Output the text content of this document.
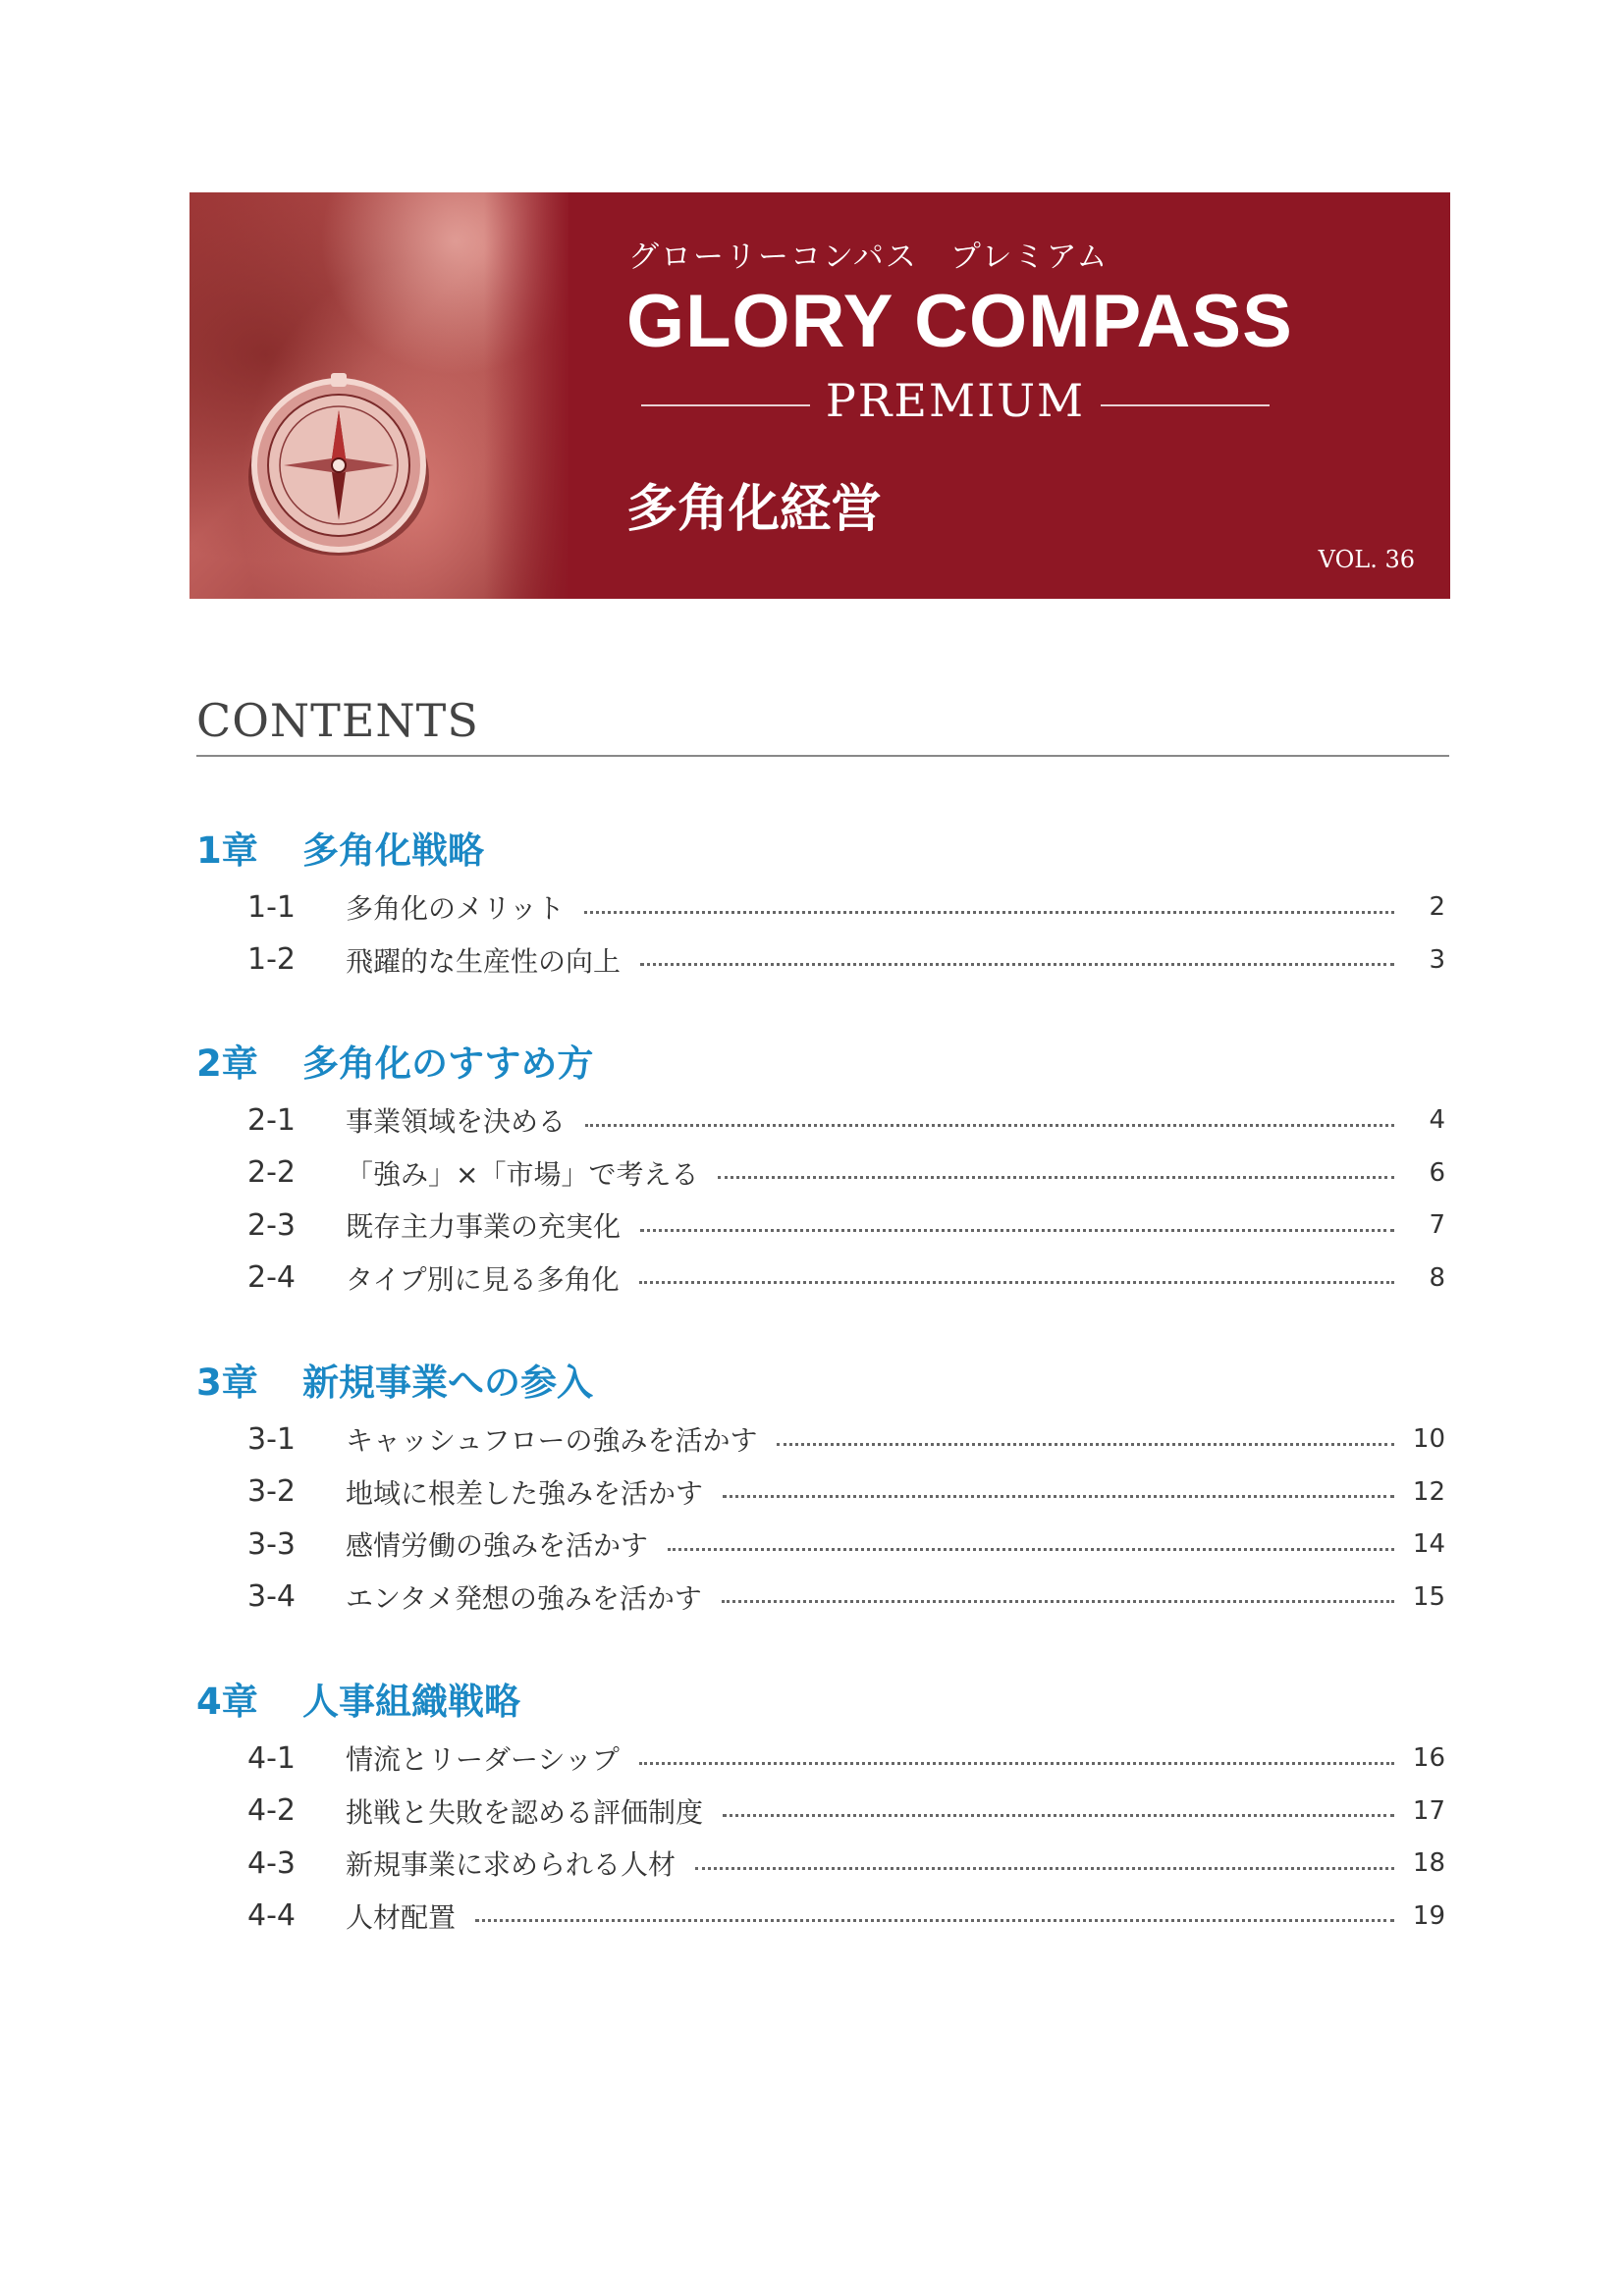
グローリーコンパス　プレミアム
GLORY COMPASS
PREMIUM
多角化経営
VOL. 36
CONTENTS
1章 多角化戦略
1-1	多角化のメリット	2
1-2	飛躍的な生産性の向上	3
2章 多角化のすすめ方
2-1	事業領域を決める	4
2-2	「強み」×「市場」で考える	6
2-3	既存主力事業の充実化	7
2-4	タイプ別に見る多角化	8
3章 新規事業への参入
3-1	キャッシュフローの強みを活かす	10
3-2	地域に根差した強みを活かす	12
3-3	感情労働の強みを活かす	14
3-4	エンタメ発想の強みを活かす	15
4章 人事組織戦略
4-1	情流とリーダーシップ	16
4-2	挑戦と失敗を認める評価制度	17
4-3	新規事業に求められる人材	18
4-4	人材配置	19
